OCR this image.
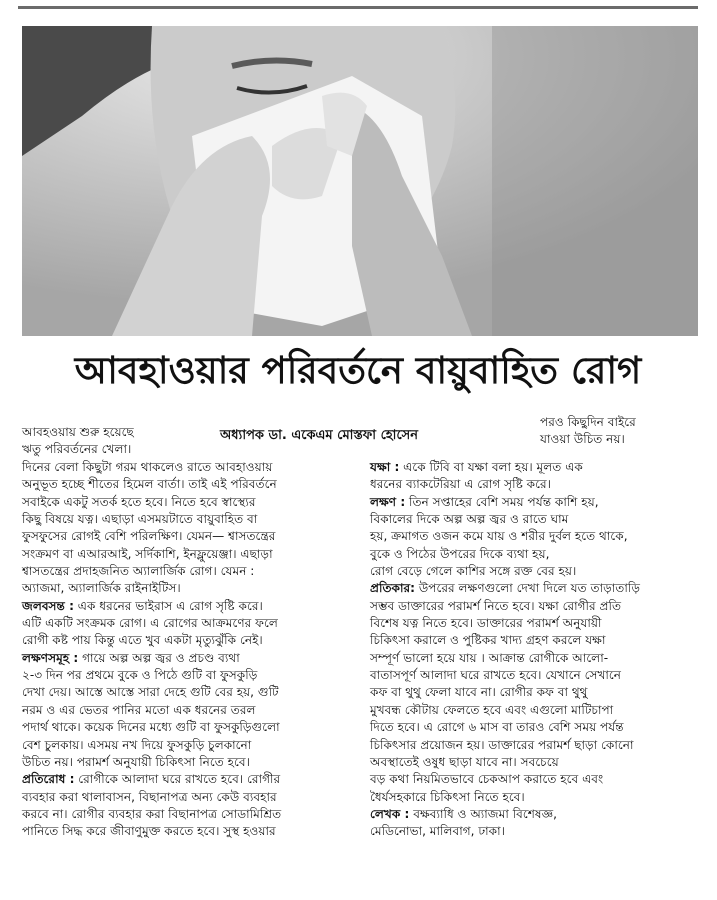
আবহাওয়ার পরিবর্তনে বায়ুবাহিত রোগ
অধ্যাপক ডা. একেএম মোস্তফা হোসেন

আবহওয়ায় শুরু হয়েছে

ঋতু পরিবর্তনের খেলা।

দিনের বেলা কিছুটা গরম থাকলেও রাতে আবহাওয়ায়

অনুভূত হচ্ছে শীতের হিমেল বার্তা। তাই এই পরিবর্তনে

সবাইকে একটু সতর্ক হতে হবে। নিতে হবে স্বাস্থ্যের

কিছু বিষয়ে যত্ন। এছাড়া এসময়টাতে বায়ুবাহিত বা

ফুসফুসের রোগই বেশি পরিলক্ষিণ। যেমন— শ্বাসতন্ত্রের

সংক্রমণ বা এআরআই, সর্দিকাশি, ইনফ্লুয়েঞ্জা। এছাড়া

শ্বাসতন্ত্রের প্রদাহজনিত অ্যালার্জিক রোগ। যেমন :

অ্যাজমা, অ্যালার্জিক রাইনাইটিস।

জলবসন্ত : এক ধরনের ভাইরাস এ রোগ সৃষ্টি করে।

এটি একটি সংক্রমক রোগ। এ রোগের আক্রমণের ফলে

রোগী কষ্ট পায় কিন্তু এতে খুব একটা মৃত্যুঝুঁকি নেই।

লক্ষণসমূহ : গায়ে অল্প অল্প জ্বর ও প্রচণ্ড ব্যথা

২-৩ দিন পর প্রথমে বুকে ও পিঠে গুটি বা ফুসকুড়ি

দেখা দেয়। আস্তে আস্তে সারা দেহে গুটি বের হয়, গুটি

নরম ও এর ভেতর পানির মতো এক ধরনের তরল

পদার্থ থাকে। কয়েক দিনের মধ্যে গুটি বা ফুসকুড়িগুলো

বেশ চুলকায়। এসময় নখ দিয়ে ফুসকুড়ি চুলকানো

উচিত নয়। পরামর্শ অনুযায়ী চিকিৎসা নিতে হবে।

প্রতিরোধ : রোগীকে আলাদা ঘরে রাখতে হবে। রোগীর

ব্যবহার করা থালাবাসন, বিছানাপত্র অন্য কেউ ব্যবহার

করবে না। রোগীর ব্যবহার করা বিছানাপত্র সোডামিশ্রিত

পানিতে সিদ্ধ করে জীবাণুমুক্ত করতে হবে। সুস্থ হওয়ার

পরও কিছুদিন বাইরে

যাওয়া উচিত নয়।

যক্ষা : একে টিবি বা যক্ষা বলা হয়। মূলত এক

ধরনের ব্যাকটেরিয়া এ রোগ সৃষ্টি করে।

লক্ষণ : তিন সপ্তাহের বেশি সময় পর্যন্ত কাশি হয়,

বিকালের দিকে অল্প অল্প জ্বর ও রাতে ঘাম

হয়, ক্রমাগত ওজন কমে যায় ও শরীর দুর্বল হতে থাকে,

বুকে ও পিঠের উপরের দিকে ব্যথা হয়,

রোগ বেড়ে গেলে কাশির সঙ্গে রক্ত বের হয়।

প্রতিকার: উপরের লক্ষণগুলো দেখা দিলে যত তাড়াতাড়ি

সম্ভব ডাক্তারের পরামর্শ নিতে হবে। যক্ষা রোগীর প্রতি

বিশেষ যত্ন নিতে হবে। ডাক্তারের পরামর্শ অনুযায়ী

চিকিৎসা করালে ও পুষ্টিকর খাদ্য গ্রহণ করলে যক্ষা

সম্পূর্ণ ভালো হয়ে যায় । আক্রান্ত রোগীকে আলো-

বাতাসপূর্ণ আলাদা ঘরে রাখতে হবে। যেখানে সেখানে

কফ বা থুথু ফেলা যাবে না। রোগীর কফ বা থুথু

মুখবন্ধ কৌটায় ফেলতে হবে এবং এগুলো মাটিচাপা

দিতে হবে। এ রোগে ৬ মাস বা তারও বেশি সময় পর্যন্ত

চিকিৎসার প্রয়োজন হয়। ডাক্তারের পরামর্শ ছাড়া কোনো

অবস্থাতেই ওষুধ ছাড়া যাবে না। সবচেয়ে

বড় কথা নিয়মিতভাবে চেকআপ করাতে হবে এবং

ধৈর্যসহকারে চিকিৎসা নিতে হবে।

লেখক : বক্ষব্যাধি ও অ্যাজমা বিশেষজ্ঞ,

মেডিনোভা, মালিবাগ, ঢাকা।
